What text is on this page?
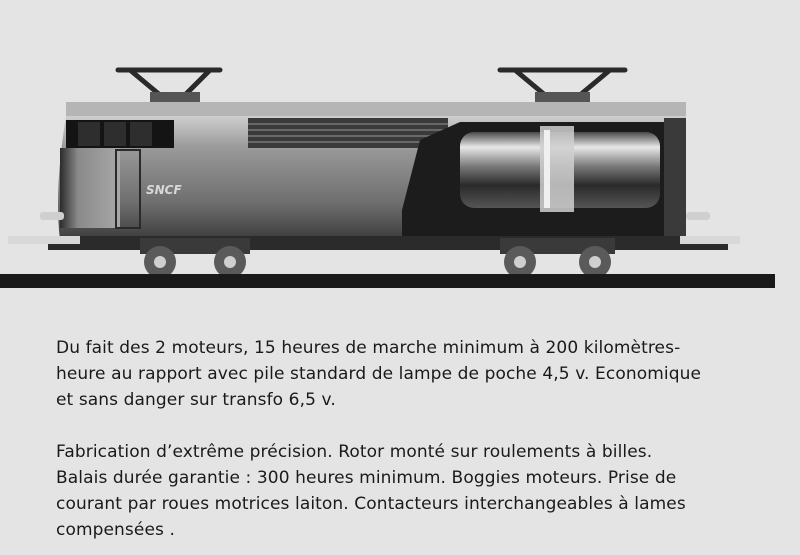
SNCF

Du fait des 2 moteurs, 15 heures de marche minimum à 200 kilomètres-
heure au rapport avec pile standard de lampe de poche 4,5 v. Economique
et sans danger sur transfo 6,5 v.

Fabrication d’extrême précision. Rotor monté sur roulements à billes.
Balais durée garantie : 300 heures minimum. Boggies moteurs. Prise de
courant par roues motrices laiton. Contacteurs interchangeables à lames
compensées .
